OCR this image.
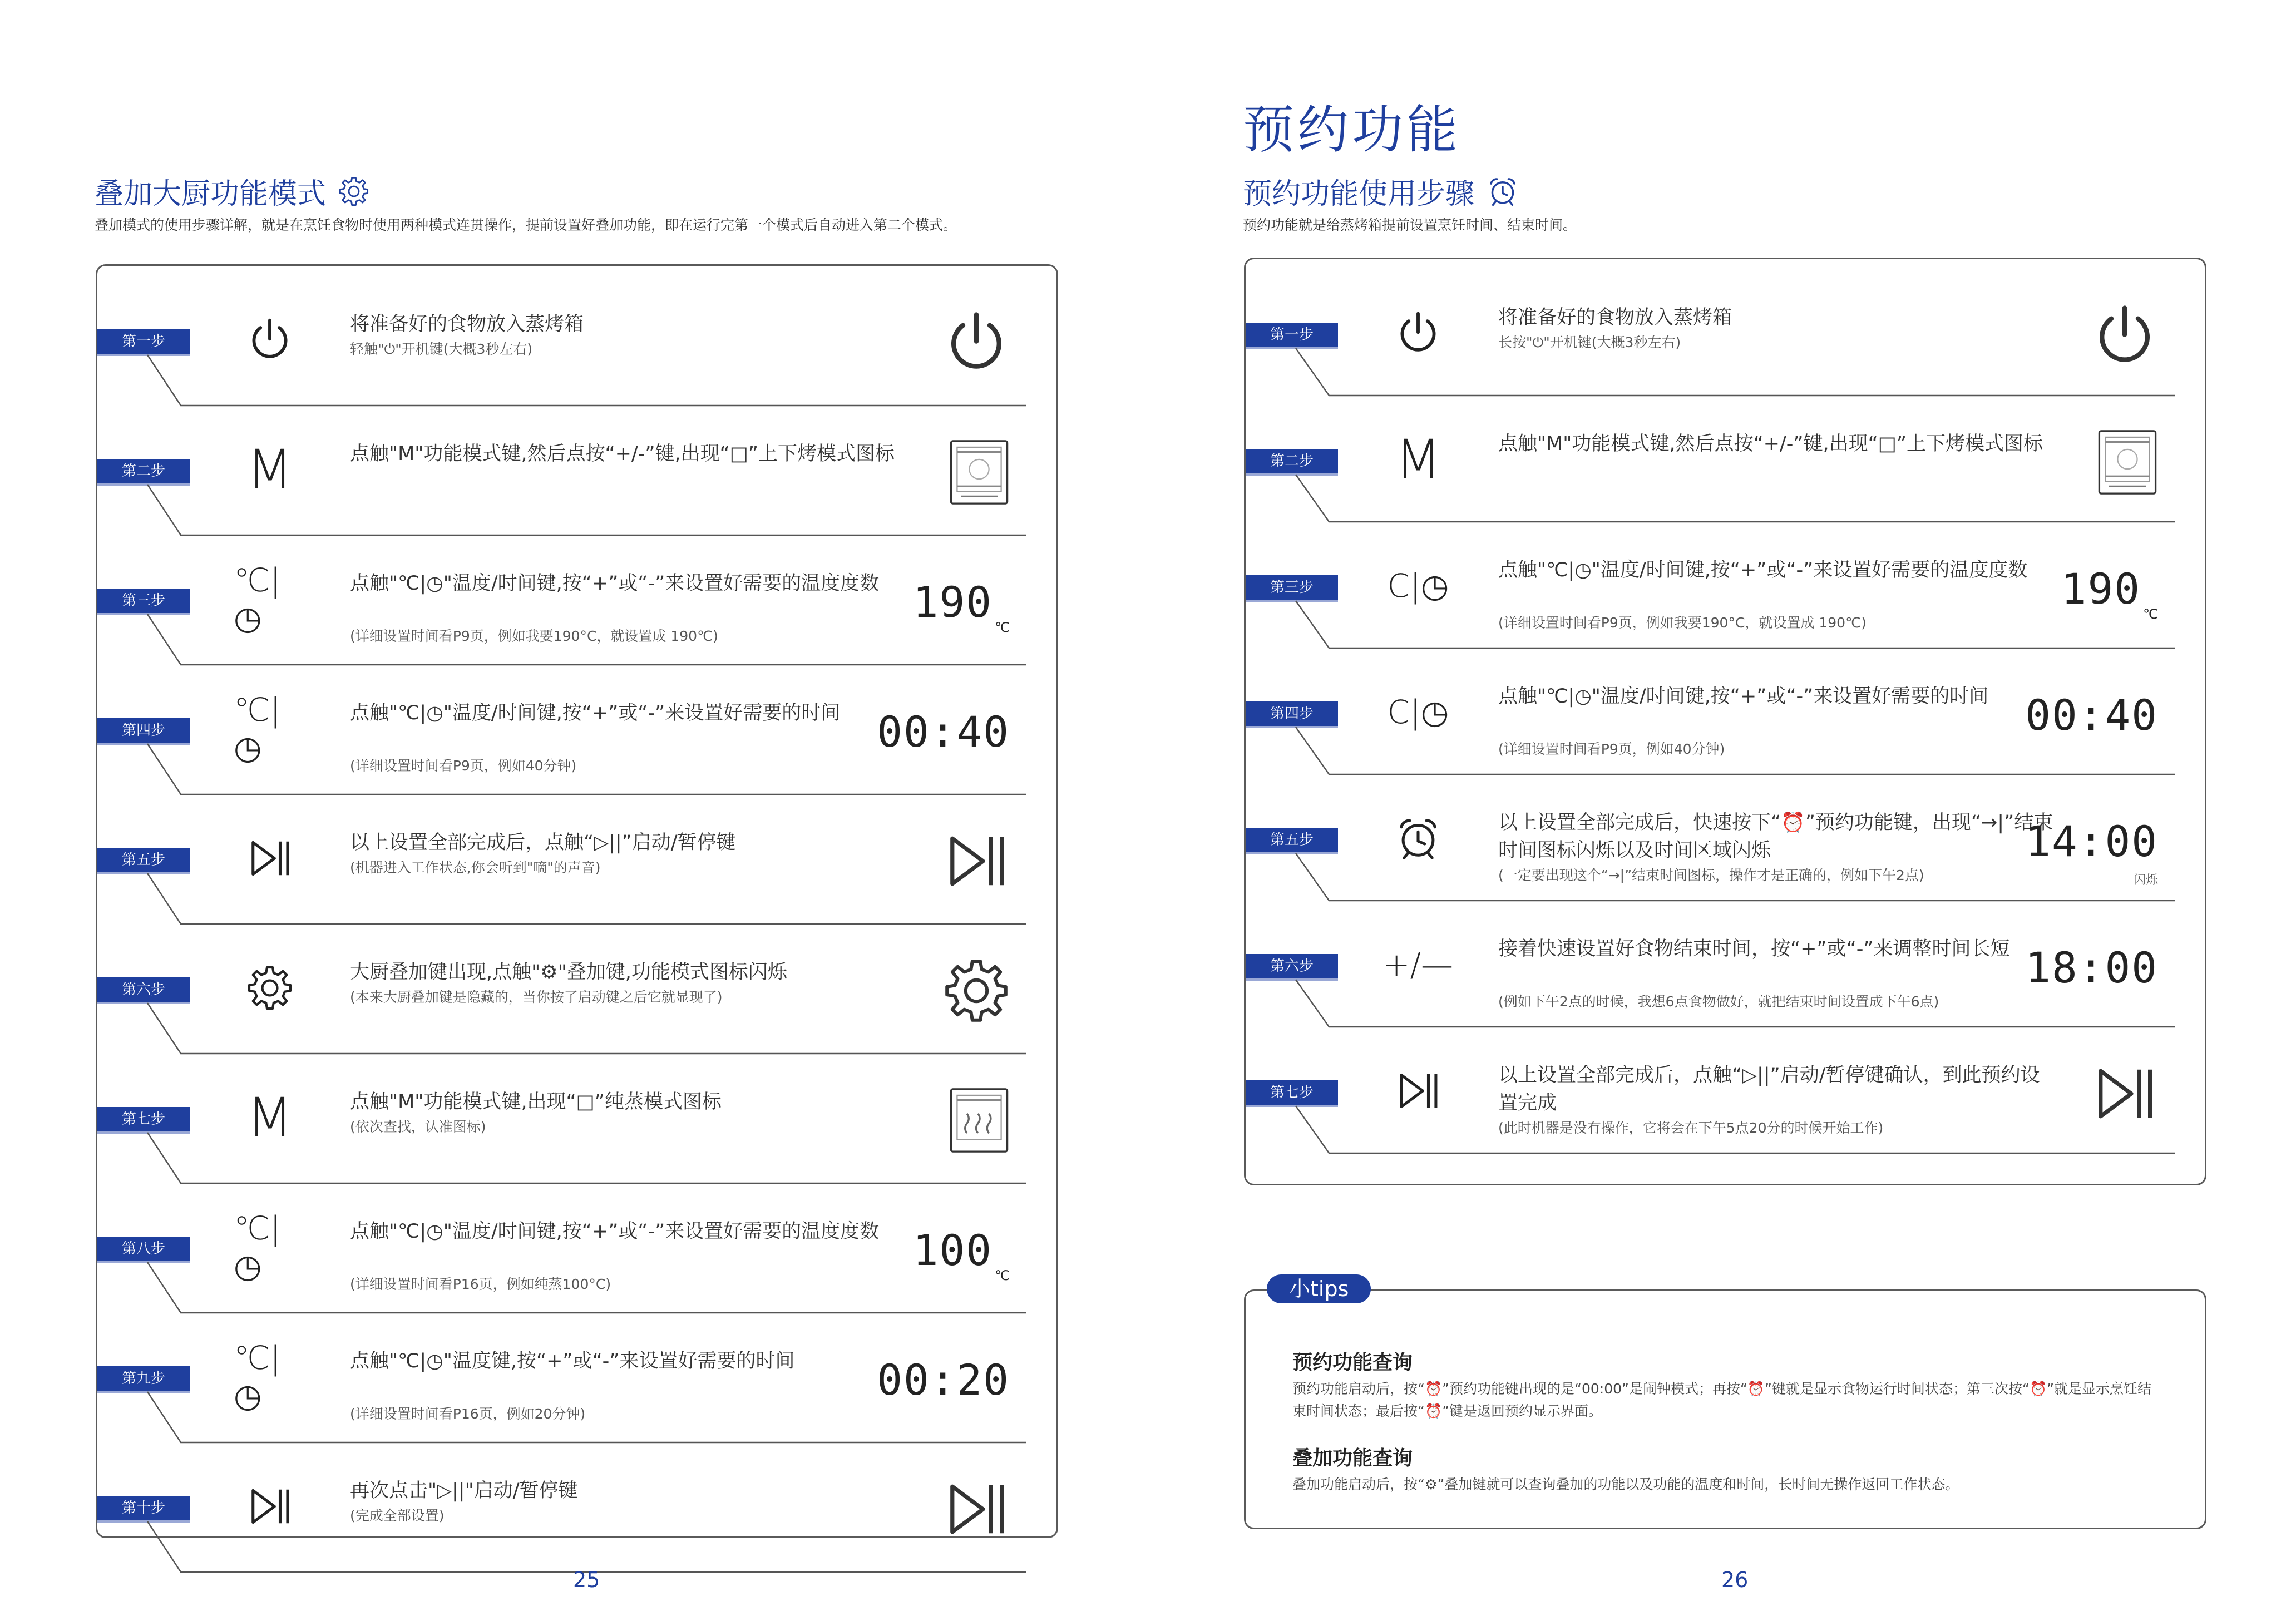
叠加大厨功能模式
叠加模式的使用步骤详解，就是在烹饪食物时使用两种模式连贯操作，提前设置好叠加功能，即在运行完第一个模式后自动进入第二个模式。
第一步
将准备好的食物放入蒸烤箱
轻触"⏻"开机键(大概3秒左右)
第二步	M	点触"M"功能模式键,然后点按“+/-”键,出现“□”上下烤模式图标
第三步
℃|◷
点触"℃|◷"温度/时间键,按“+”或“-”来设置好需要的温度度数
(详细设置时间看P9页，例如我要190°C，就设置成 190℃)
190
℃
第四步
℃|◷
点触"℃|◷"温度/时间键,按“+”或“-”来设置好需要的时间
(详细设置时间看P9页，例如40分钟)
00:40
第五步
以上设置全部完成后，点触“▷||”启动/暂停键
(机器进入工作状态,你会听到"嘀"的声音)
第六步
大厨叠加键出现,点触"⚙"叠加键,功能模式图标闪烁
(本来大厨叠加键是隐藏的，当你按了启动键之后它就显现了)
第七步	M	点触"M"功能模式键,出现“□”纯蒸模式图标
(依次查找，认准图标)
第八步
℃|◷
点触"℃|◷"温度/时间键,按“+”或“-”来设置好需要的温度度数
(详细设置时间看P16页，例如纯蒸100°C)
100
℃
第九步
℃|◷
点触"℃|◷"温度键,按“+”或“-”来设置好需要的时间
(详细设置时间看P16页，例如20分钟)
00:20
第十步
再次点击"▷||"启动/暂停键
(完成全部设置)
25
预约功能
预约功能使用步骤
预约功能就是给蒸烤箱提前设置烹饪时间、结束时间。
第一步
将准备好的食物放入蒸烤箱
长按"⏻"开机键(大概3秒左右)
第二步	M	点触"M"功能模式键,然后点按“+/-”键,出现“□”上下烤模式图标
第三步	C|◷	点触"℃|◷"温度/时间键,按“+”或“-”来设置好需要的温度度数
(详细设置时间看P9页，例如我要190°C，就设置成 190℃)
190
℃
第四步	C|◷	点触"℃|◷"温度/时间键,按“+”或“-”来设置好需要的时间
(详细设置时间看P9页，例如40分钟)
00:40
第五步
以上设置全部完成后，快速按下“⏰”预约功能键，出现“→|”结束时间图标闪烁以及时间区域闪烁
(一定要出现这个“→|”结束时间图标，操作才是正确的，例如下午2点)
14:00
闪烁
第六步	+/— 接着快速设置好食物结束时间，按“+”或“-”来调整时间长短
(例如下午2点的时候，我想6点食物做好，就把结束时间设置成下午6点)
18:00
第七步
以上设置全部完成后，点触“▷||”启动/暂停键确认，到此预约设置完成
(此时机器是没有操作，它将会在下午5点20分的时候开始工作)
小tips
预约功能查询
预约功能启动后，按“⏰”预约功能键出现的是“00:00”是闹钟模式；再按“⏰”键就是显示食物运行时间状态；第三次按“⏰”就是显示烹饪结束时间状态；最后按“⏰”键是返回预约显示界面。
叠加功能查询
叠加功能启动后，按“⚙”叠加键就可以查询叠加的功能以及功能的温度和时间，长时间无操作返回工作状态。
26
